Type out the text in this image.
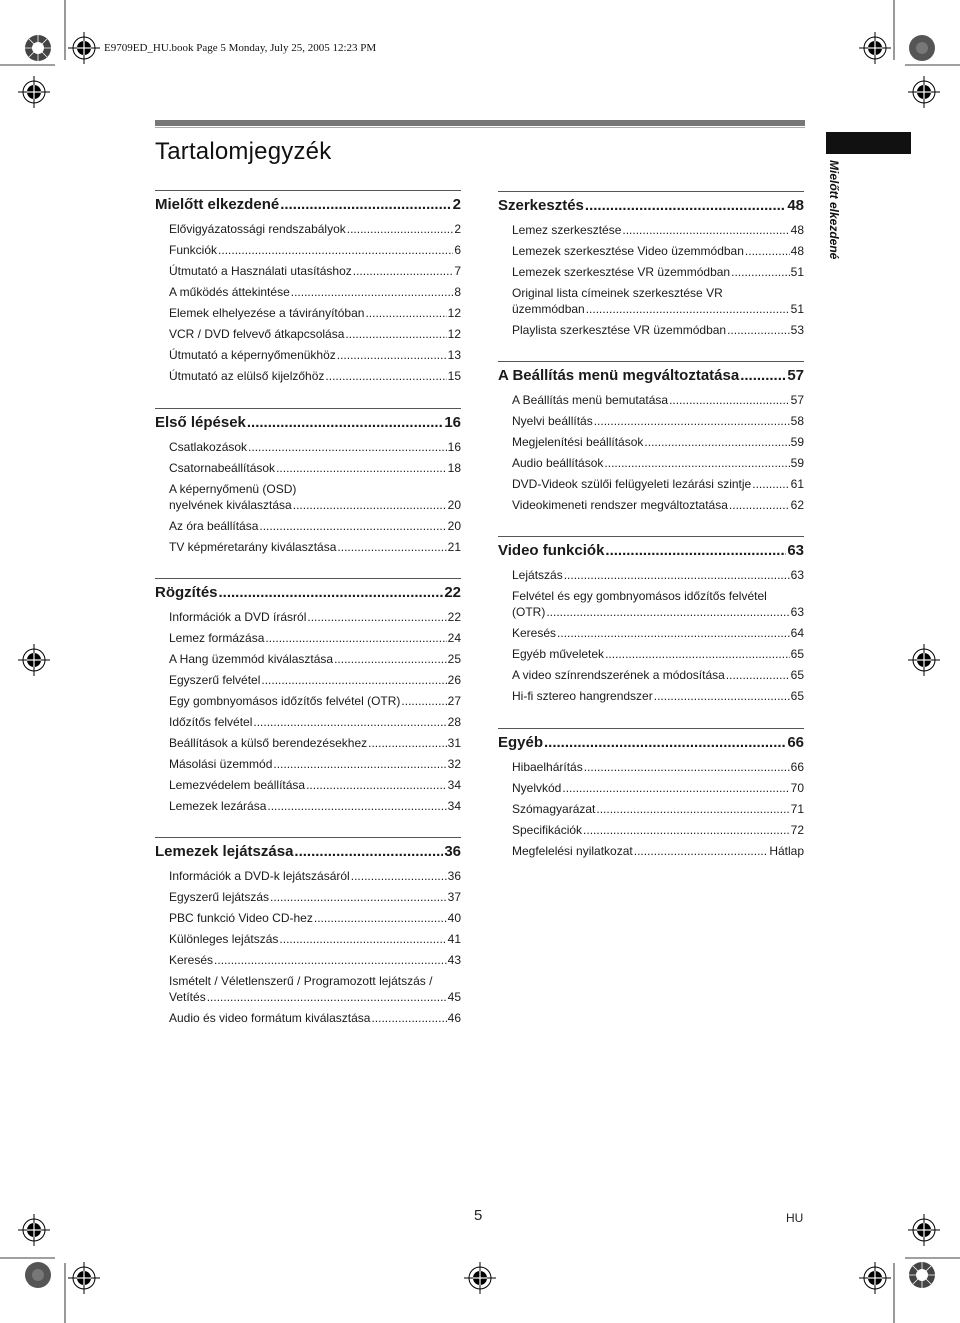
E9709ED_HU.book Page 5 Monday, July 25, 2005 12:23 PM
Tartalomjegyzék
Mielőtt elkezdené
5	HU
Mielőtt elkezdené .....	2
Elővigyázatossági rendszabályok .....	2
Funkciók .....	6
Útmutató a Használati utasításhoz .....	7
A működés áttekintése .....	8
Elemek elhelyezése a távirányítóban .....	12
VCR / DVD felvevő átkapcsolása .....	12
Útmutató a képernyőmenükhöz .....	13
Útmutató az elülső kijelzőhöz .....	15
Első lépések .....	16
Csatlakozások .....	16
Csatornabeállítások .....	18
A képernyőmenü (OSD)
nyelvének kiválasztása .....	20
Az óra beállítása .....	20
TV képméretarány kiválasztása .....	21
Rögzítés .....	22
Információk a DVD írásról .....	22
Lemez formázása .....	24
A Hang üzemmód kiválasztása .....	25
Egyszerű felvétel .....	26
Egy gombnyomásos időzítős felvétel (OTR) .....	27
Időzítős felvétel .....	28
Beállítások a külső berendezésekhez .....	31
Másolási üzemmód .....	32
Lemezvédelem beállítása .....	34
Lemezek lezárása .....	34
Lemezek lejátszása .....	36
Információk a DVD-k lejátszásáról .....	36
Egyszerű lejátszás .....	37
PBC funkció Video CD-hez .....	40
Különleges lejátszás .....	41
Keresés .....	43
Ismételt / Véletlenszerű / Programozott lejátszás /
Vetítés .....	45
Audio és video formátum kiválasztása .....	46
Szerkesztés .....	48
Lemez szerkesztése .....	48
Lemezek szerkesztése Video üzemmódban .....	48
Lemezek szerkesztése VR üzemmódban .....	51
Original lista címeinek szerkesztése VR
üzemmódban .....	51
Playlista szerkesztése VR üzemmódban .....	53
A Beállítás menü megváltoztatása .....	57
A Beállítás menü bemutatása .....	57
Nyelvi beállítás .....	58
Megjelenítési beállítások .....	59
Audio beállítások .....	59
DVD-Videok szülői felügyeleti lezárási szintje .....	61
Videokimeneti rendszer megváltoztatása .....	62
Video funkciók .....	63
Lejátszás .....	63
Felvétel és egy gombnyomásos időzítős felvétel
(OTR) .....	63
Keresés .....	64
Egyéb műveletek .....	65
A video színrendszerének a módosítása .....	65
Hi-fi sztereo hangrendszer .....	65
Egyéb .....	66
Hibaelhárítás .....	66
Nyelvkód .....	70
Szómagyarázat .....	71
Specifikációk .....	72
Megfelelési nyilatkozat .....	Hátlap
